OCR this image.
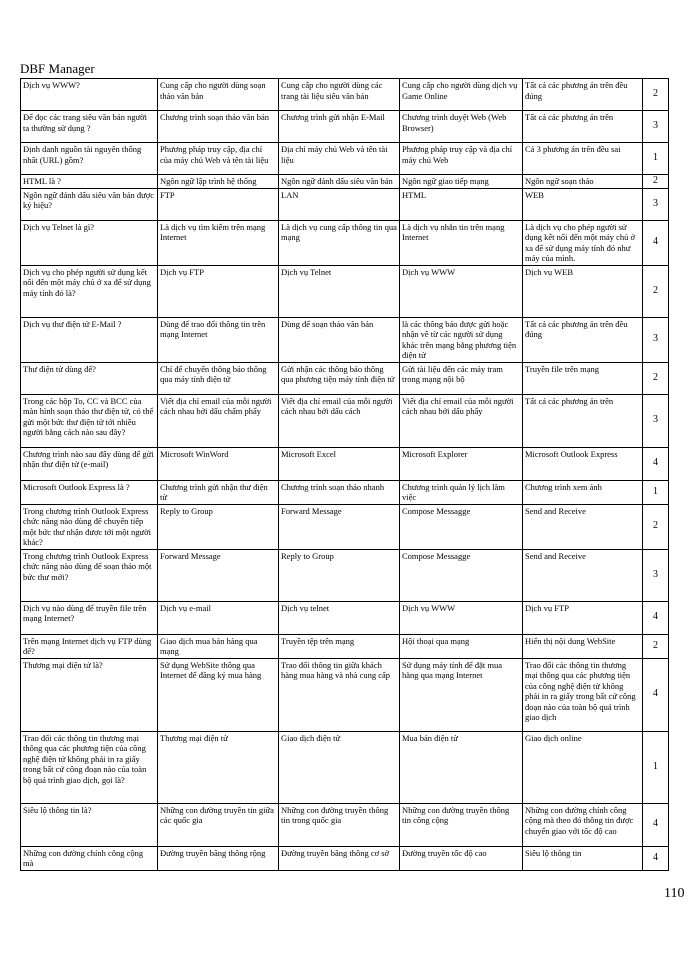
DBF Manager
Dịch vụ WWW?	Cung cấp cho người dùng soạn thảo văn bản	Cung cấp cho người dùng các trang tài liệu siêu văn bản	Cung cấp cho người dùng dịch vụ Game Online	Tất cả các phương án trên đều đúng	2
Để đọc các trang siêu văn bản người ta thường sử dụng ?	Chương trình soạn thảo văn bản	Chương trình gửi nhận E-Mail	Chương trình duyệt Web (Web Browser)	Tất cả các phương án trên	3
Định danh nguồn tài nguyên thống nhất (URL) gồm?	Phương pháp truy cập, địa chỉ của máy chủ Web và tên tài liệu	Địa chỉ máy chủ Web và tên tài liệu	Phương pháp truy cập và địa chỉ máy chủ Web	Cả 3 phương án trên đều sai	1
HTML là ?	Ngôn ngữ lập trình hệ thống	Ngôn ngữ đánh dấu siêu văn bản	Ngôn ngữ giao tiếp mạng	Ngôn ngữ soạn thảo	2
Ngôn ngữ đánh dấu siêu văn bản được ký hiệu?	FTP	LAN	HTML	WEB	3
Dịch vụ Telnet là gì?	Là dịch vụ tìm kiếm trên mạng Internet	Là dịch vụ cung cấp thông tin qua mạng	Là dịch vụ nhắn tin trên mạng Internet	Là dịch vụ cho phép người sử dụng kết nối đến một máy chủ ở xa để sử dụng máy tính đó như máy của mình.	4
Dịch vụ cho phép người sử dụng kết nối đến một máy chủ ở xa để sử dụng máy tính đó là?	Dịch vụ FTP	Dịch vụ Telnet	Dịch vụ WWW	Dịch vụ WEB	2
Dịch vụ thư điện tử E-Mail ?	Dùng để trao đổi thông tin trên mạng Internet	Dùng để soạn thảo văn bản	là các thông báo được gửi hoặc nhận về từ các người sử dụng khác trên mạng bằng phương tiện điện tử	Tất cả các phương án trên đều đúng	3
Thư điện tử dùng để?	Chỉ để chuyển thông báo thông qua máy tính điện tử	Gửi nhận các thông báo thông qua phương tiện máy tính điện tử	Gửi tài liệu đến các máy tram trong mạng nội bộ	Truyền file trên mạng	2
Trong các hộp To, CC và BCC của màn hình soạn thảo thư điện tử, có thể gửi một bức thư điện tử tới nhiều người bằng cách nào sau đây?	Viết địa chỉ email của mỗi người cách nhau bởi dấu chấm phẩy	Viết địa chỉ email của mỗi người cách nhau bởi dấu cách	Viết địa chỉ email của mỗi người cách nhau bởi dấu phẩy	Tất cả các phương án trên	3
Chương trình nào sau đây dùng để gửi nhận thư điện tử (e-mail)	Microsoft WinWord	Microsoft Excel	Microsoft Explorer	Microsoft Outlook Express	4
Microsoft Outlook Express là ?	Chương trình gửi nhận thư điện tử	Chương trình soạn thảo nhanh	Chương trình quản lý lịch làm việc	Chương trình xem ảnh	1
Trong chương trình Outlook Express chức năng nào dùng để chuyển tiếp một bức thư nhận được tới một người khác?	Reply to Group	Forward Message	Compose Messagge	Send and Receive	2
Trong chương trình Outlook Express chức năng nào dùng để soạn thảo một bức thư mới?	Forward Message	Reply to Group	Compose Messagge	Send and Receive	3
Dịch vụ nào dùng để truyền file trên mạng Internet?	Dịch vụ e-mail	Dịch vụ telnet	Dịch vụ WWW	Dịch vụ FTP	4
Trên mạng Internet dịch vụ FTP dùng để?	Giao dịch mua bán hàng qua mạng	Truyền tệp trên mạng	Hội thoại qua mạng	Hiển thị nội dung WebSite	2
Thương mại điện tử là?	Sử dụng WebSite thông qua Internet để đăng ký mua hàng	Trao đổi thông tin giữa khách hàng mua hàng và nhà cung cấp	Sử dụng máy tính để đặt mua hàng qua mạng Internet	Trao đổi các thông tin thương mại thông qua các phương tiện của công nghệ điện tử không phải in ra giấy trong bất cứ công đoạn nào của toàn bộ quá trình giao dịch	4
Trao đổi các thông tin thương mại thông qua các phương tiện của công nghệ điện tử không phải in ra giấy trong bất cứ công đoạn nào của toàn bộ quá trình giao dịch, gọi là?	Thương mại điện tử	Giao dịch điện tử	Mua bán điện tử	Giao dịch online	1
Siêu lộ thông tin là?	Những con đường truyền tin giữa các quốc gia	Những con đường truyền thông tin trong quốc gia	Những con đường truyền thông tin công cộng	Những con đường chính công cộng mà theo đó thông tin được chuyển giao với tốc độ cao	4
Những con đường chính công cộng mà	Đường truyền băng thông rộng	Đường truyền băng thông cơ sở	Đường truyền tốc độ cao	Siêu lộ thông tin	4
110
